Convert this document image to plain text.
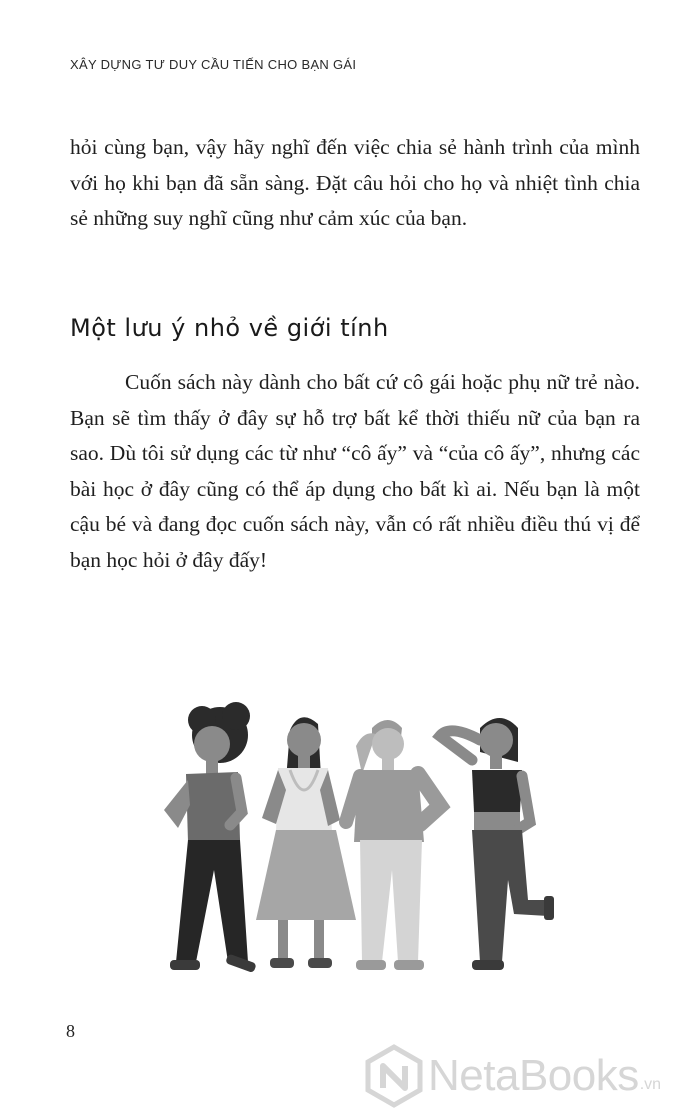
XÂY DỰNG TƯ DUY CẦU TIẾN CHO BẠN GÁI

hỏi cùng bạn, vậy hãy nghĩ đến việc chia sẻ hành trình của mình với họ khi bạn đã sẵn sàng. Đặt câu hỏi cho họ và nhiệt tình chia sẻ những suy nghĩ cũng như cảm xúc của bạn.

Một lưu ý nhỏ về giới tính

Cuốn sách này dành cho bất cứ cô gái hoặc phụ nữ trẻ nào. Bạn sẽ tìm thấy ở đây sự hỗ trợ bất kể thời thiếu nữ của bạn ra sao. Dù tôi sử dụng các từ như “cô ấy” và “của cô ấy”, nhưng các bài học ở đây cũng có thể áp dụng cho bất kì ai. Nếu bạn là một cậu bé và đang đọc cuốn sách này, vẫn có rất nhiều điều thú vị để bạn học hỏi ở đây đấy!

8
NetaBooks .vn
